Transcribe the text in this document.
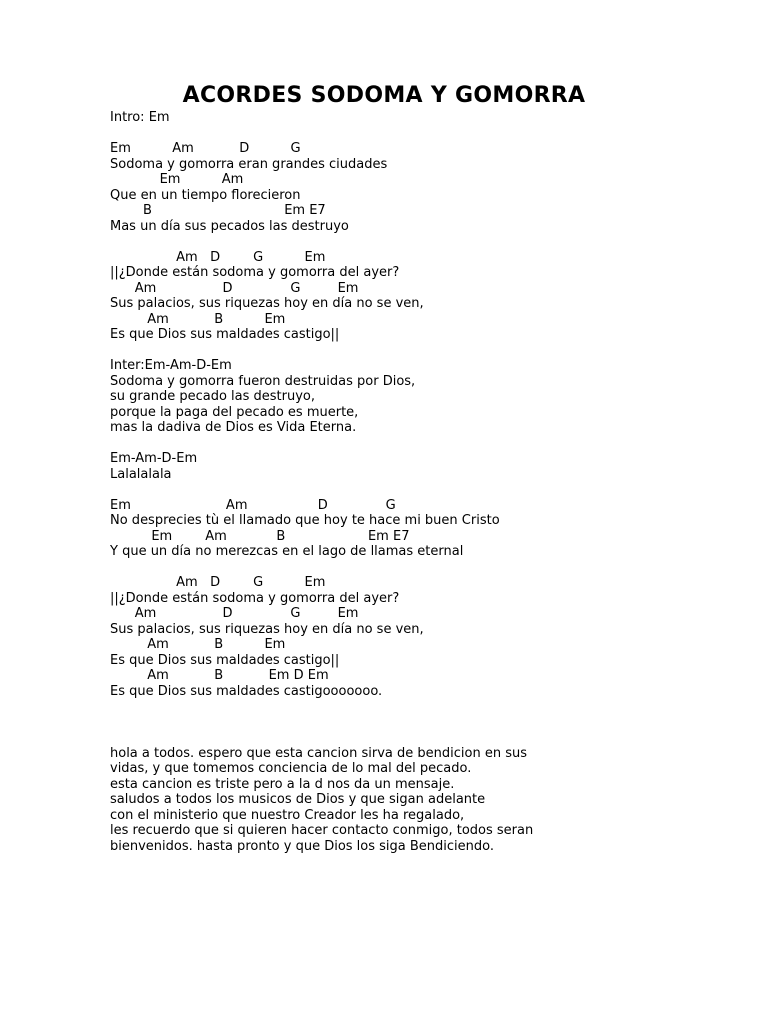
ACORDES SODOMA Y GOMORRA
Intro: Em
Em          Am           D          G
Sodoma y gomorra eran grandes ciudades
Em          Am
Que en un tiempo florecieron
B                                Em E7
Mas un día sus pecados las destruyo
Am   D        G          Em
||¿Donde están sodoma y gomorra del ayer?
Am                D              G         Em
Sus palacios, sus riquezas hoy en día no se ven,
Am           B          Em
Es que Dios sus maldades castigo||
Inter:Em-Am-D-Em
Sodoma y gomorra fueron destruidas por Dios,
su grande pecado las destruyo,
porque la paga del pecado es muerte,
mas la dadiva de Dios es Vida Eterna.
Em-Am-D-Em
Lalalalala
Em                       Am                 D              G
No desprecies tù el llamado que hoy te hace mi buen Cristo
Em        Am            B                    Em E7
Y que un día no merezcas en el lago de llamas eternal
Am   D        G          Em
||¿Donde están sodoma y gomorra del ayer?
Am                D              G         Em
Sus palacios, sus riquezas hoy en día no se ven,
Am           B          Em
Es que Dios sus maldades castigo||
Am           B           Em D Em
Es que Dios sus maldades castigooooooo.
hola a todos. espero que esta cancion sirva de bendicion en sus
vidas, y que tomemos conciencia de lo mal del pecado.
esta cancion es triste pero a la d nos da un mensaje.
saludos a todos los musicos de Dios y que sigan adelante
con el ministerio que nuestro Creador les ha regalado,
les recuerdo que si quieren hacer contacto conmigo, todos seran
bienvenidos. hasta pronto y que Dios los siga Bendiciendo.
